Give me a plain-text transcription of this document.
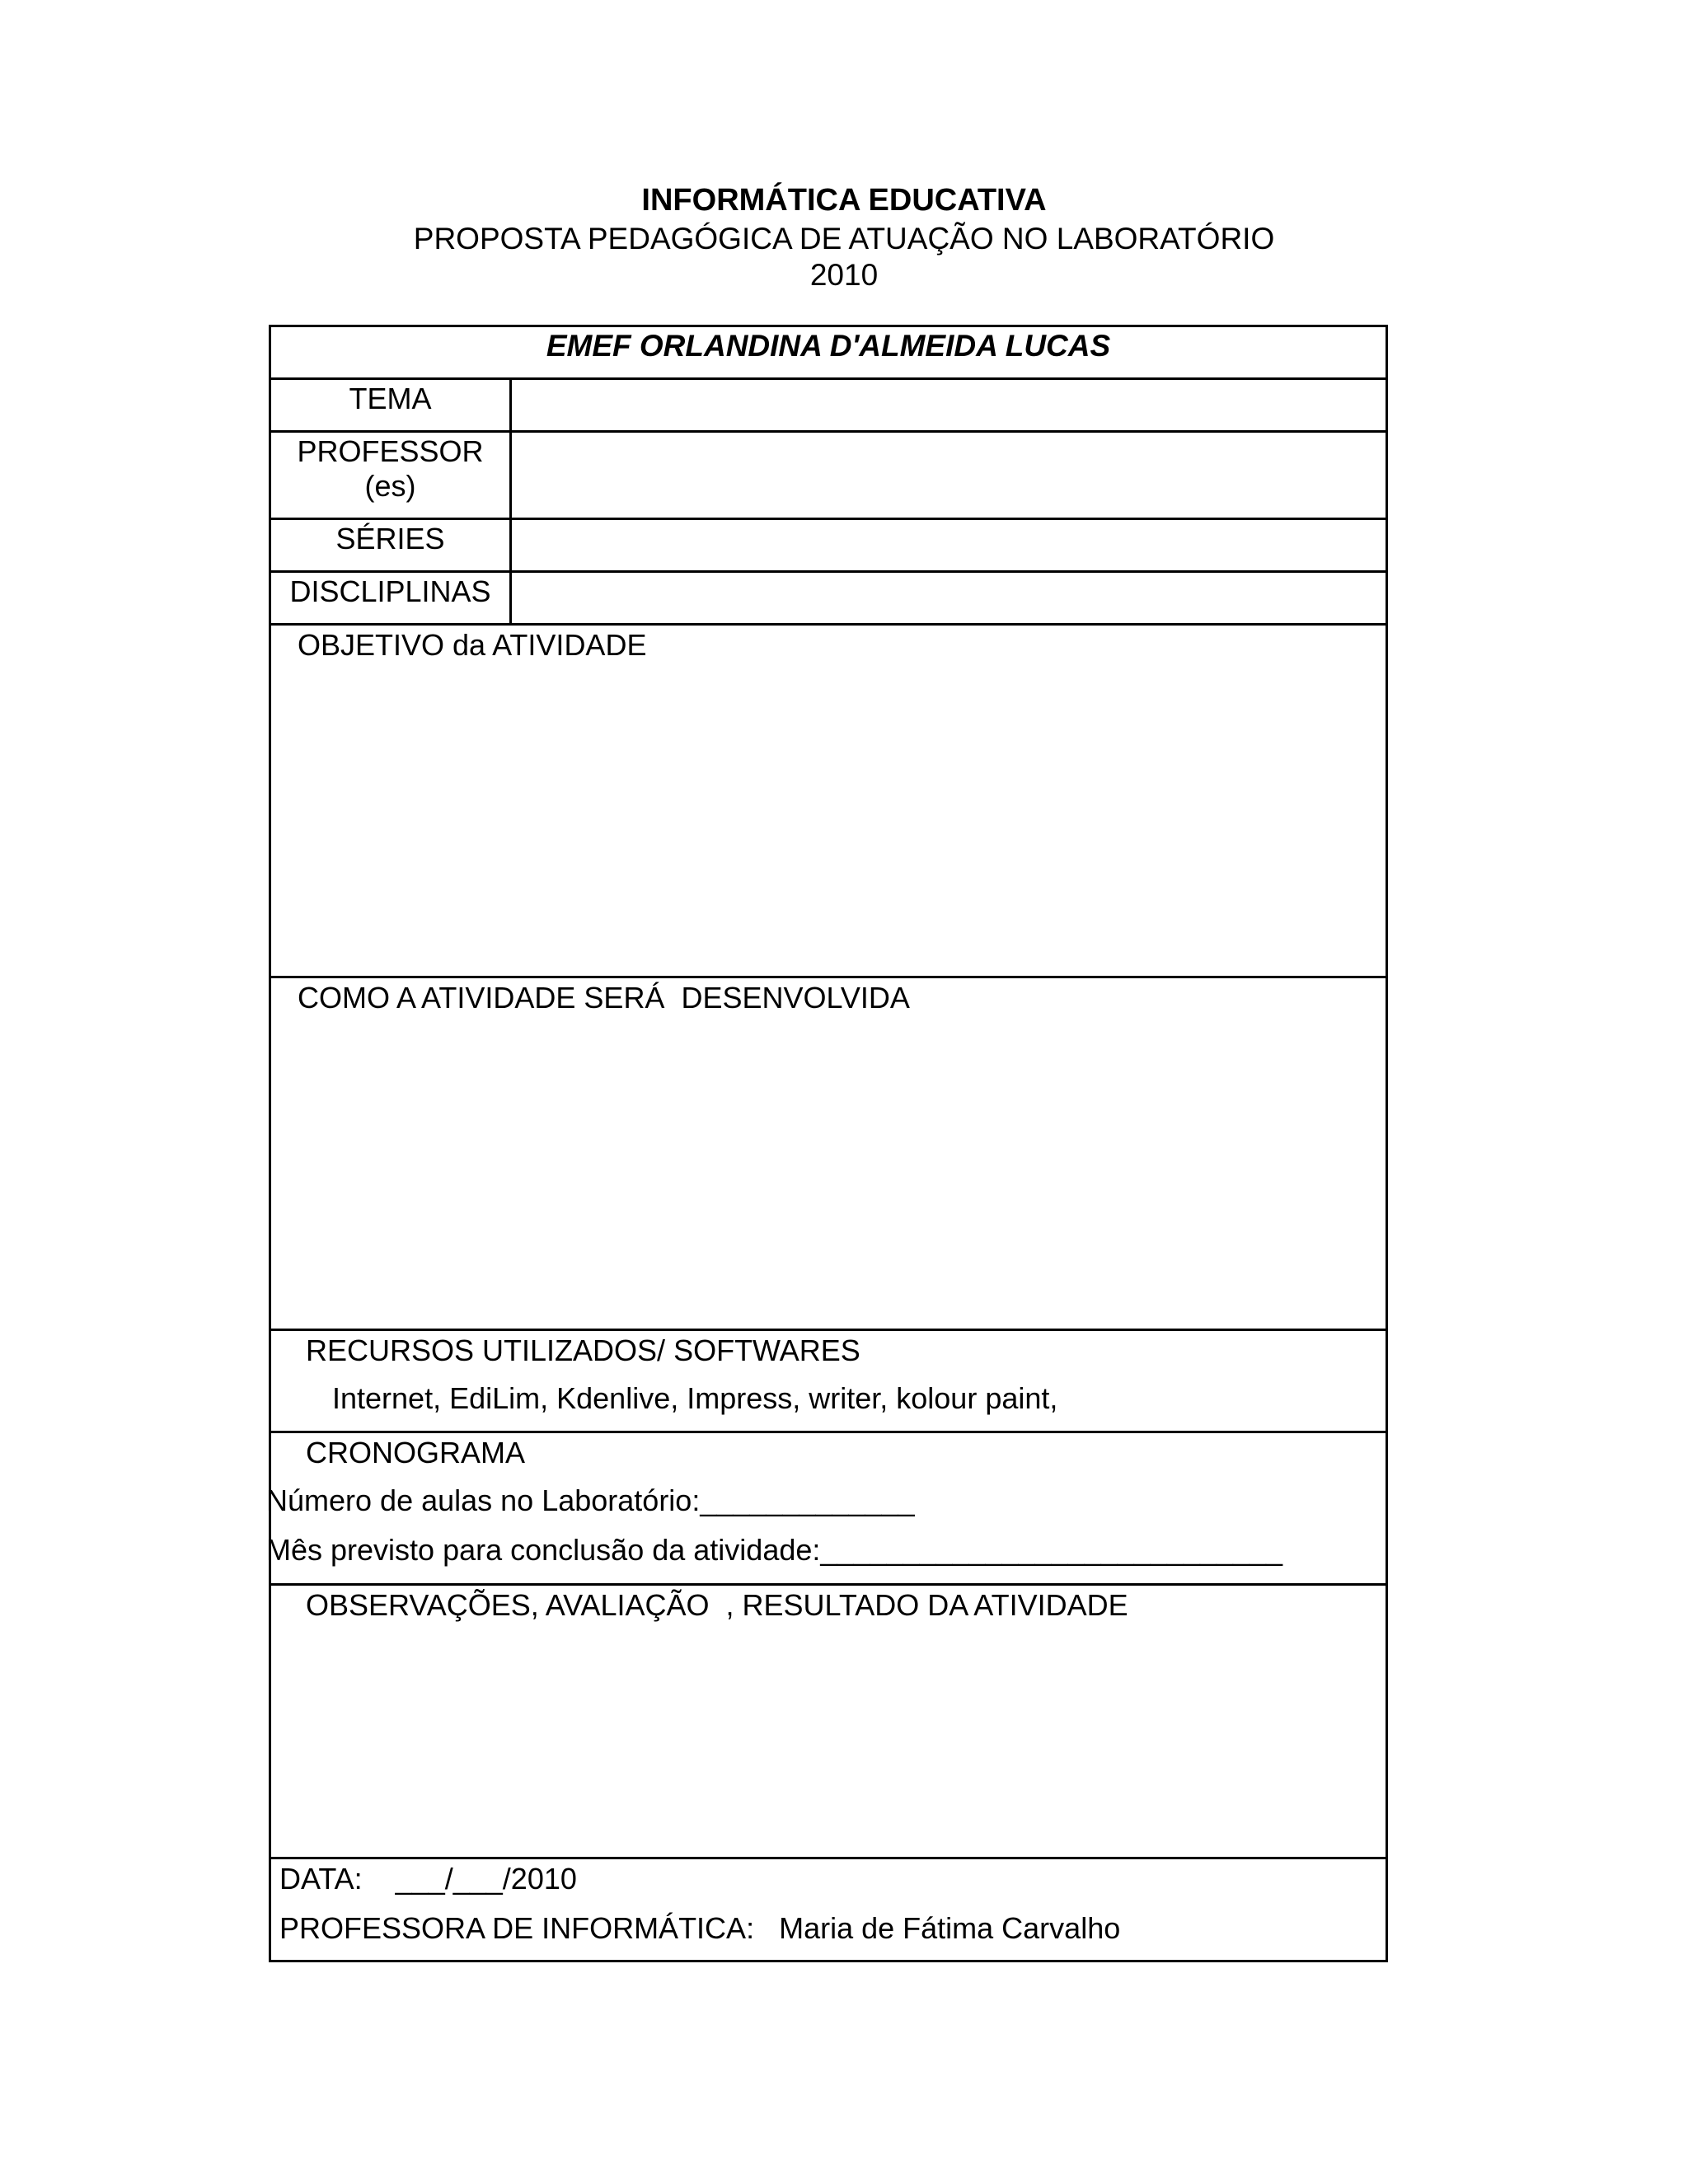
INFORMÁTICA EDUCATIVA
PROPOSTA PEDAGÓGICA DE ATUAÇÃO NO LABORATÓRIO
2010
EMEF ORLANDINA D'ALMEIDA LUCAS
TEMA
PROFESSOR
(es)
SÉRIES
DISCLIPLINAS
OBJETIVO da ATIVIDADE
COMO A ATIVIDADE SERÁ  DESENVOLVIDA
RECURSOS UTILIZADOS/ SOFTWARES
Internet, EdiLim, Kdenlive, Impress, writer, kolour paint,
CRONOGRAMA
Número de aulas no Laboratório:_____________
Mês previsto para conclusão da atividade:____________________________
OBSERVAÇÕES, AVALIAÇÃO  , RESULTADO DA ATIVIDADE
DATA:    ___/___/2010
PROFESSORA DE INFORMÁTICA:   Maria de Fátima Carvalho
